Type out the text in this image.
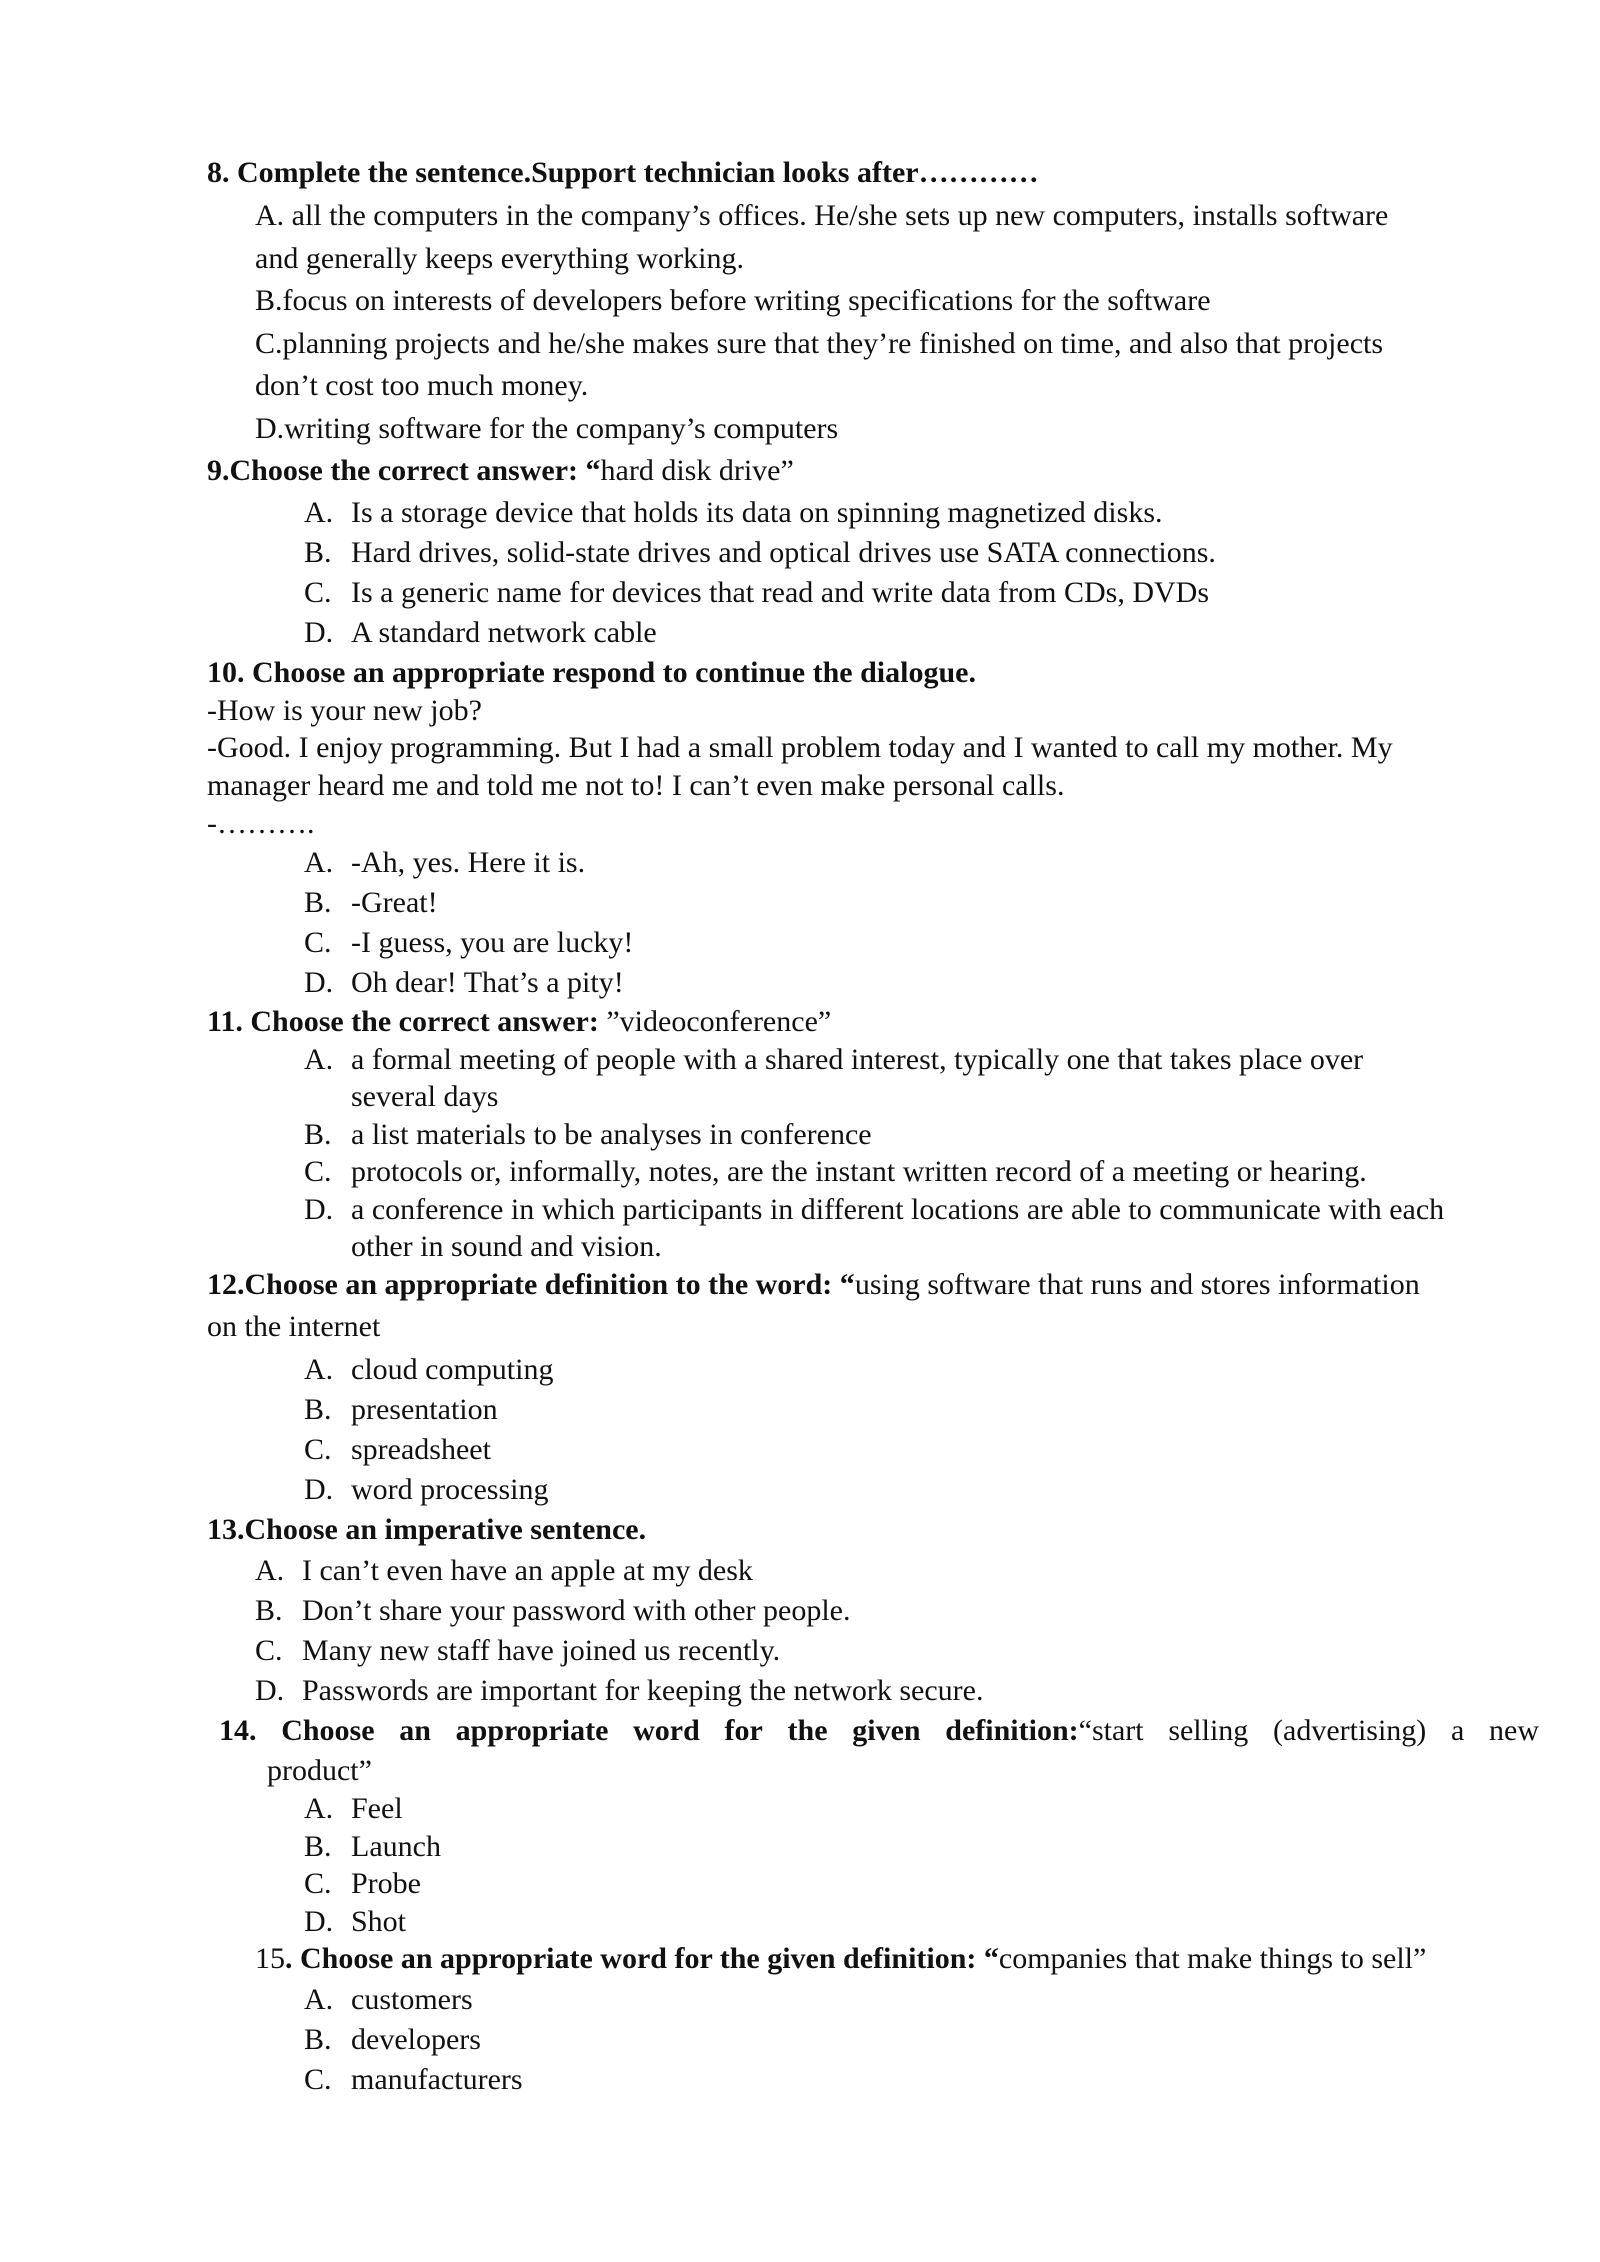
8. Complete the sentence.Support technician looks after…………
A. all the computers in the company’s offices. He/she sets up new computers, installs software
and generally keeps everything working.
B.focus on interests of developers before writing specifications for the software
C.planning projects and he/she makes sure that they’re finished on time, and also that projects
don’t cost too much money.
D.writing software for the company’s computers
9.Choose the correct answer: “hard disk drive”
A. Is a storage device that holds its data on spinning magnetized disks.
B. Hard drives, solid-state drives and optical drives use SATA connections.
C. Is a generic name for devices that read and write data from CDs, DVDs
D. A standard network cable
10. Choose an appropriate respond to continue the dialogue.
-How is your new job?
-Good. I enjoy programming. But I had a small problem today and I wanted to call my mother. My
manager heard me and told me not to! I can’t even make personal calls.
-……….
A. -Ah, yes. Here it is.
B. -Great!
C. -I guess, you are lucky!
D. Oh dear! That’s a pity!
11. Choose the correct answer: ”videoconference”
A. a formal meeting of people with a shared interest, typically one that takes place over
several days
B. a list materials to be analyses in conference
C. protocols or, informally, notes, are the instant written record of a meeting or hearing.
D. a conference in which participants in different locations are able to communicate with each
other in sound and vision.
12.Choose an appropriate definition to the word: “using software that runs and stores information
on the internet
A. cloud computing
B. presentation
C. spreadsheet
D. word processing
13.Choose an imperative sentence.
A. I can’t even have an apple at my desk
B. Don’t share your password with other people.
C. Many new staff have joined us recently.
D. Passwords are important for keeping the network secure.
14. Choose an appropriate word for the given definition:“start selling (advertising) a new
product”
A. Feel
B. Launch
C. Probe
D. Shot
15. Choose an appropriate word for the given definition: “companies that make things to sell”
A. customers
B. developers
C. manufacturers
